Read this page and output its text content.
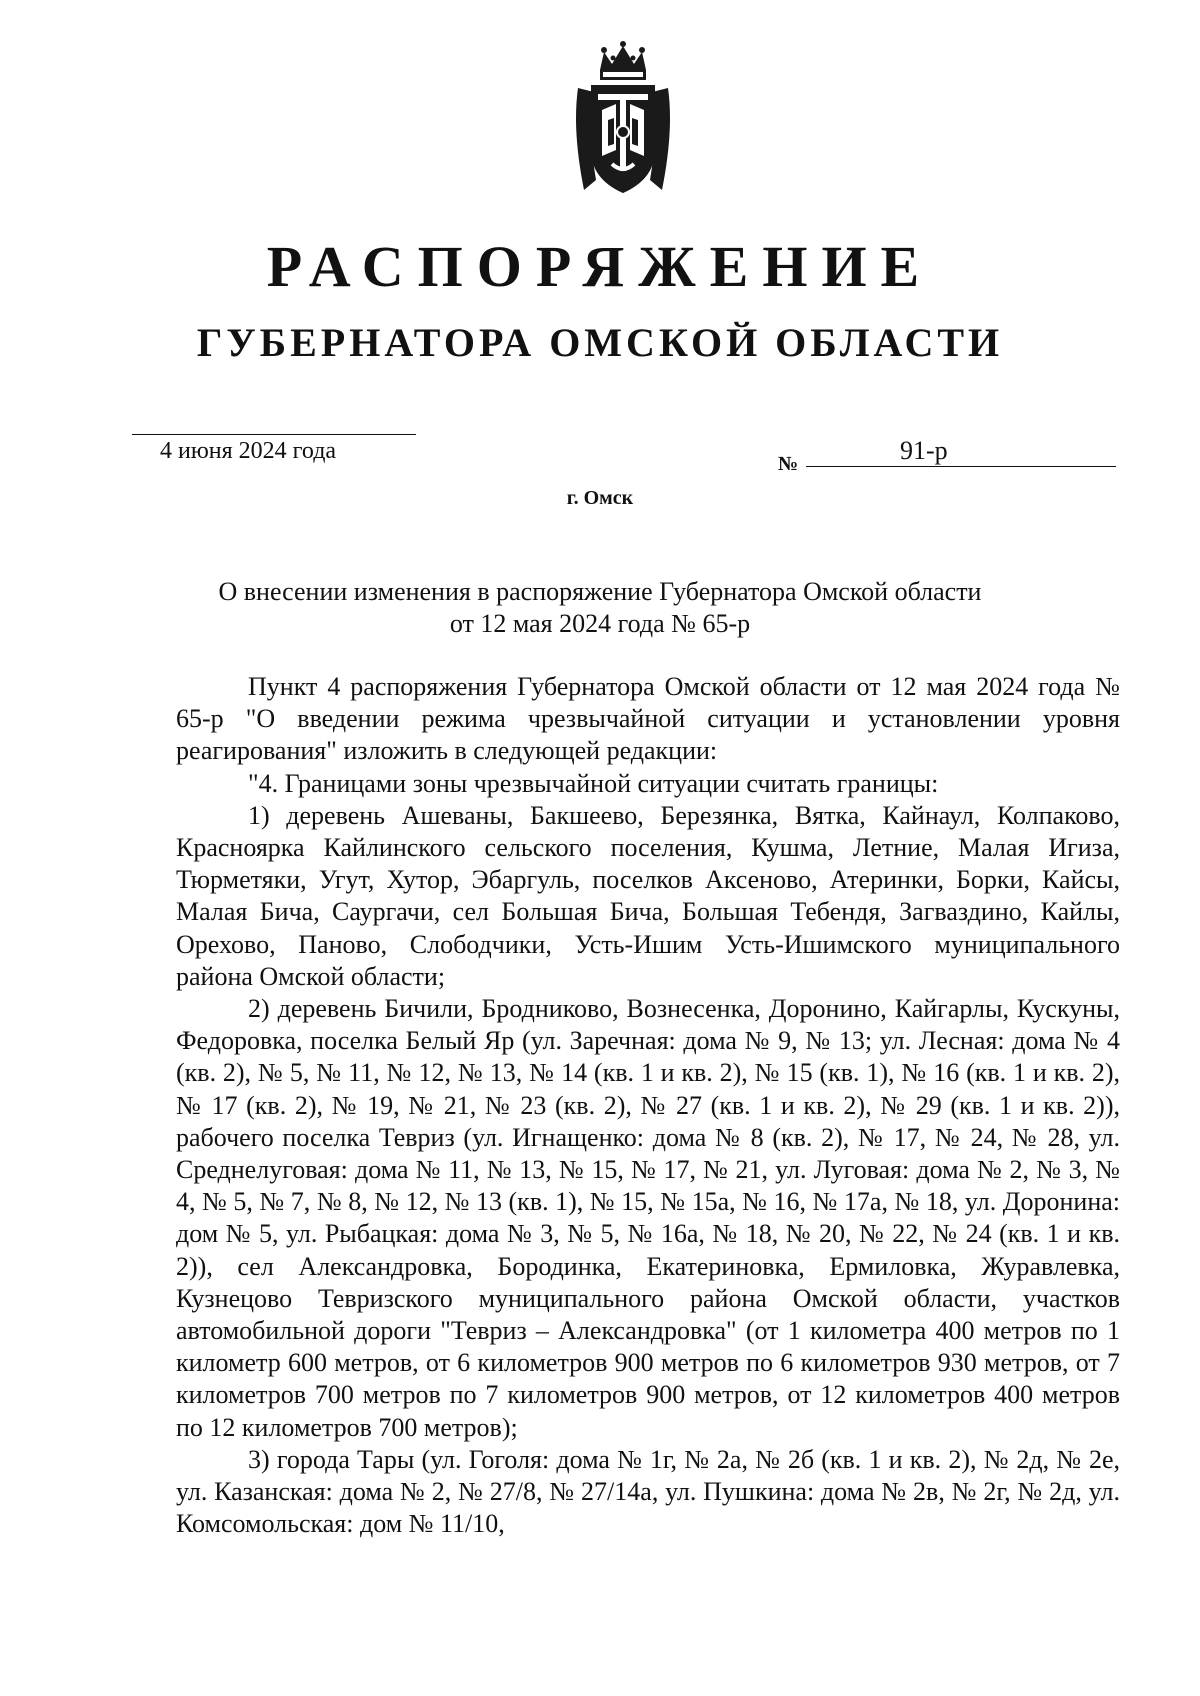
РАСПОРЯЖЕНИЕ
ГУБЕРНАТОРА ОМСКОЙ ОБЛАСТИ
4 июня 2024 года	№	91-р
г. Омск
О внесении изменения в распоряжение Губернатора Омской области
от 12 мая 2024 года № 65-р

Пункт 4 распоряжения Губернатора Омской области от 12 мая 2024 года № 65-р "О введении режима чрезвычайной ситуации и установлении уровня реагирования" изложить в следующей редакции:

"4. Границами зоны чрезвычайной ситуации считать границы:

1) деревень Ашеваны, Бакшеево, Березянка, Вятка, Кайнаул, Колпаково, Красноярка Кайлинского сельского поселения, Кушма, Летние, Малая Игиза, Тюрметяки, Угут, Хутор, Эбаргуль, поселков Аксеново, Атеринки, Борки, Кайсы, Малая Бича, Саургачи, сел Большая Бича, Большая Тебендя, Загваздино, Кайлы, Орехово, Паново, Слободчики, Усть-Ишим Усть-Ишимского муниципального района Омской области;

2) деревень Бичили, Бродниково, Вознесенка, Доронино, Кайгарлы, Кускуны, Федоровка, поселка Белый Яр (ул. Заречная: дома № 9, № 13; ул. Лесная: дома № 4 (кв. 2), № 5, № 11, № 12, № 13, № 14 (кв. 1 и кв. 2), № 15 (кв. 1), № 16 (кв. 1 и кв. 2), № 17 (кв. 2), № 19, № 21, № 23 (кв. 2), № 27 (кв. 1 и кв. 2), № 29 (кв. 1 и кв. 2)), рабочего поселка Тевриз (ул. Игнащенко: дома № 8 (кв. 2), № 17, № 24, № 28, ул. Среднелуговая: дома № 11, № 13, № 15, № 17, № 21, ул. Луговая: дома № 2, № 3, № 4, № 5, № 7, № 8, № 12, № 13 (кв. 1), № 15, № 15а, № 16, № 17а, № 18, ул. Доронина: дом № 5, ул. Рыбацкая: дома № 3, № 5, № 16а, № 18, № 20, № 22, № 24 (кв. 1 и кв. 2)), сел Александровка, Бородинка, Екатериновка, Ермиловка, Журавлевка, Кузнецово Тевризского муниципального района Омской области, участков автомобильной дороги "Тевриз – Александровка" (от 1 километра 400 метров по 1 километр 600 метров, от 6 километров 900 метров по 6 километров 930 метров, от 7 километров 700 метров по 7 километров 900 метров, от 12 километров 400 метров по 12 километров 700 метров);

3) города Тары (ул. Гоголя: дома № 1г, № 2а, № 2б (кв. 1 и кв. 2), № 2д, № 2е, ул. Казанская: дома № 2, № 27/8, № 27/14а, ул. Пушкина: дома № 2в, № 2г, № 2д, ул. Комсомольская: дом № 11/10,
